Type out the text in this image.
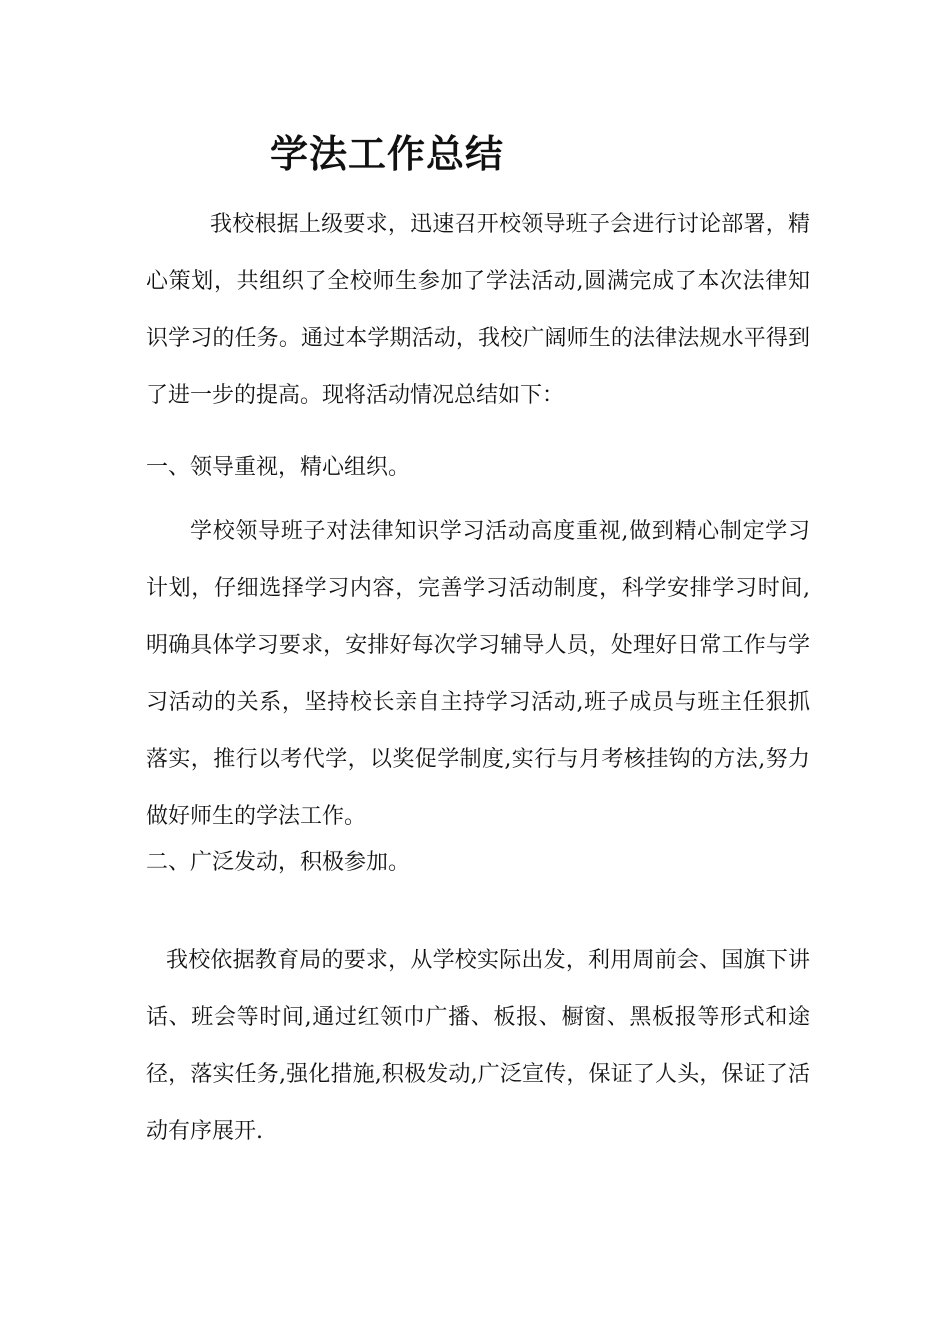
学法工作总结

我校根据上级要求，迅速召开校领导班子会进行讨论部署，精心策划，共组织了全校师生参加了学法活动,圆满完成了本次法律知识学习的任务。通过本学期活动，我校广阔师生的法律法规水平得到了进一步的提高。现将活动情况总结如下：

一、领导重视，精心组织。

学校领导班子对法律知识学习活动高度重视,做到精心制定学习计划，仔细选择学习内容，完善学习活动制度，科学安排学习时间,明确具体学习要求，安排好每次学习辅导人员，处理好日常工作与学习活动的关系，坚持校长亲自主持学习活动,班子成员与班主任狠抓落实，推行以考代学，以奖促学制度,实行与月考核挂钩的方法,努力做好师生的学法工作。

二、广泛发动，积极参加。

我校依据教育局的要求，从学校实际出发，利用周前会、国旗下讲话、班会等时间,通过红领巾广播、板报、橱窗、黑板报等形式和途径，落实任务,强化措施,积极发动,广泛宣传，保证了人头，保证了活动有序展开.
